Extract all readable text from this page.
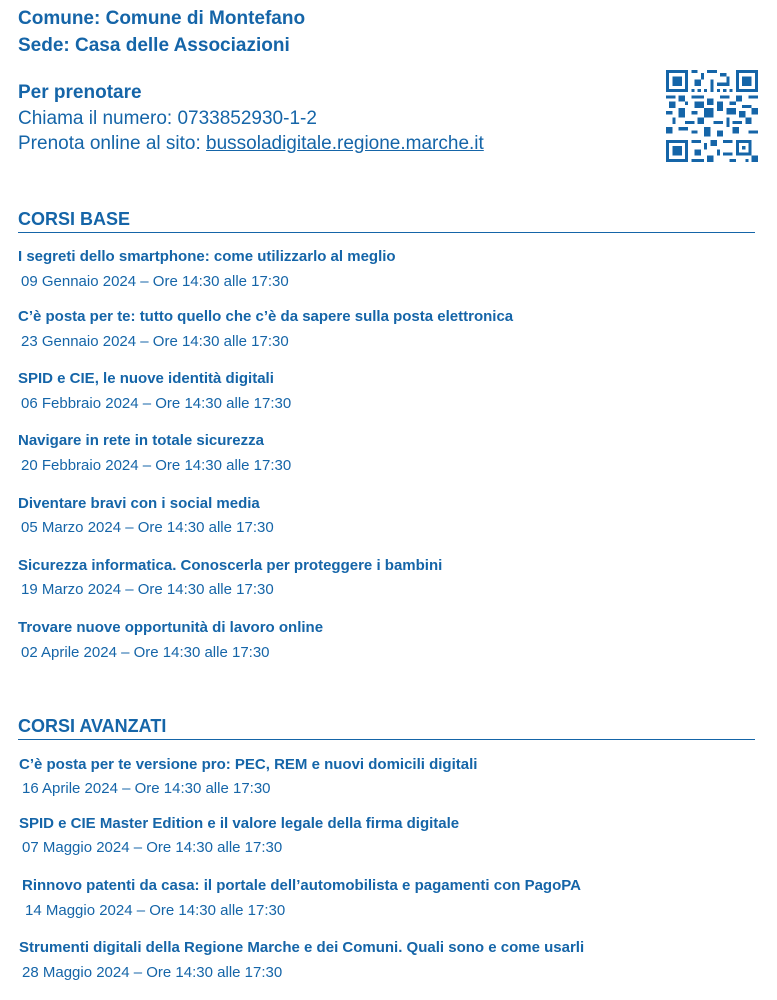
Comune: Comune di Montefano
Sede: Casa delle Associazioni
Per prenotare
Chiama il numero: 0733852930-1-2
Prenota online al sito: bussoladigitale.regione.marche.it
CORSI BASE
I segreti dello smartphone: come utilizzarlo al meglio
09 Gennaio 2024 – Ore 14:30 alle 17:30
C’è posta per te: tutto quello che c’è da sapere sulla posta elettronica
23 Gennaio 2024 – Ore 14:30 alle 17:30
SPID e CIE, le nuove identità digitali
06 Febbraio 2024 – Ore 14:30 alle 17:30
Navigare in rete in totale sicurezza
20 Febbraio 2024 – Ore 14:30 alle 17:30
Diventare bravi con i social media
05 Marzo 2024 – Ore 14:30 alle 17:30
Sicurezza informatica. Conoscerla per proteggere i bambini
19 Marzo 2024 – Ore 14:30 alle 17:30
Trovare nuove opportunità di lavoro online
02 Aprile 2024 – Ore 14:30 alle 17:30
CORSI AVANZATI
C’è posta per te versione pro: PEC, REM e nuovi domicili digitali
16 Aprile 2024 – Ore 14:30 alle 17:30
SPID e CIE Master Edition e il valore legale della firma digitale
07 Maggio 2024 – Ore 14:30 alle 17:30
Rinnovo patenti da casa: il portale dell’automobilista e pagamenti con PagoPA
14 Maggio 2024 – Ore 14:30 alle 17:30
Strumenti digitali della Regione Marche e dei Comuni. Quali sono e come usarli
28 Maggio 2024 – Ore 14:30 alle 17:30
